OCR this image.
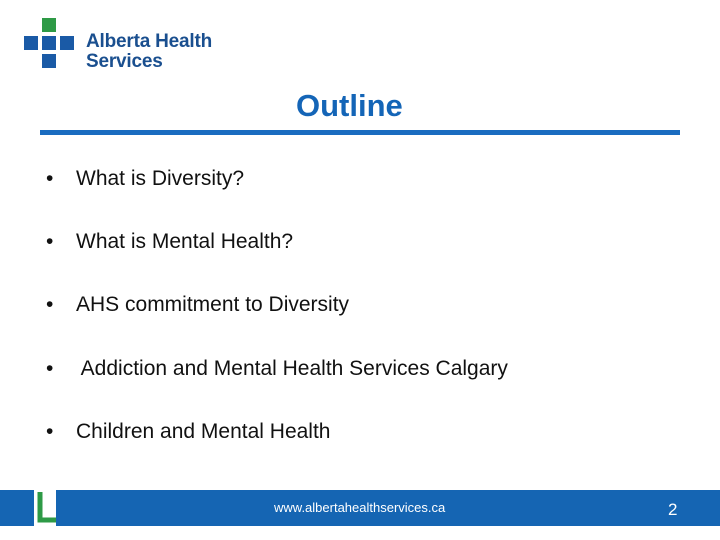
Alberta Health
Services
Outline
•What is Diversity?
•What is Mental Health?
•AHS commitment to Diversity
• Addiction and Mental Health Services Calgary
•Children and Mental Health
www.albertahealthservices.ca	2
